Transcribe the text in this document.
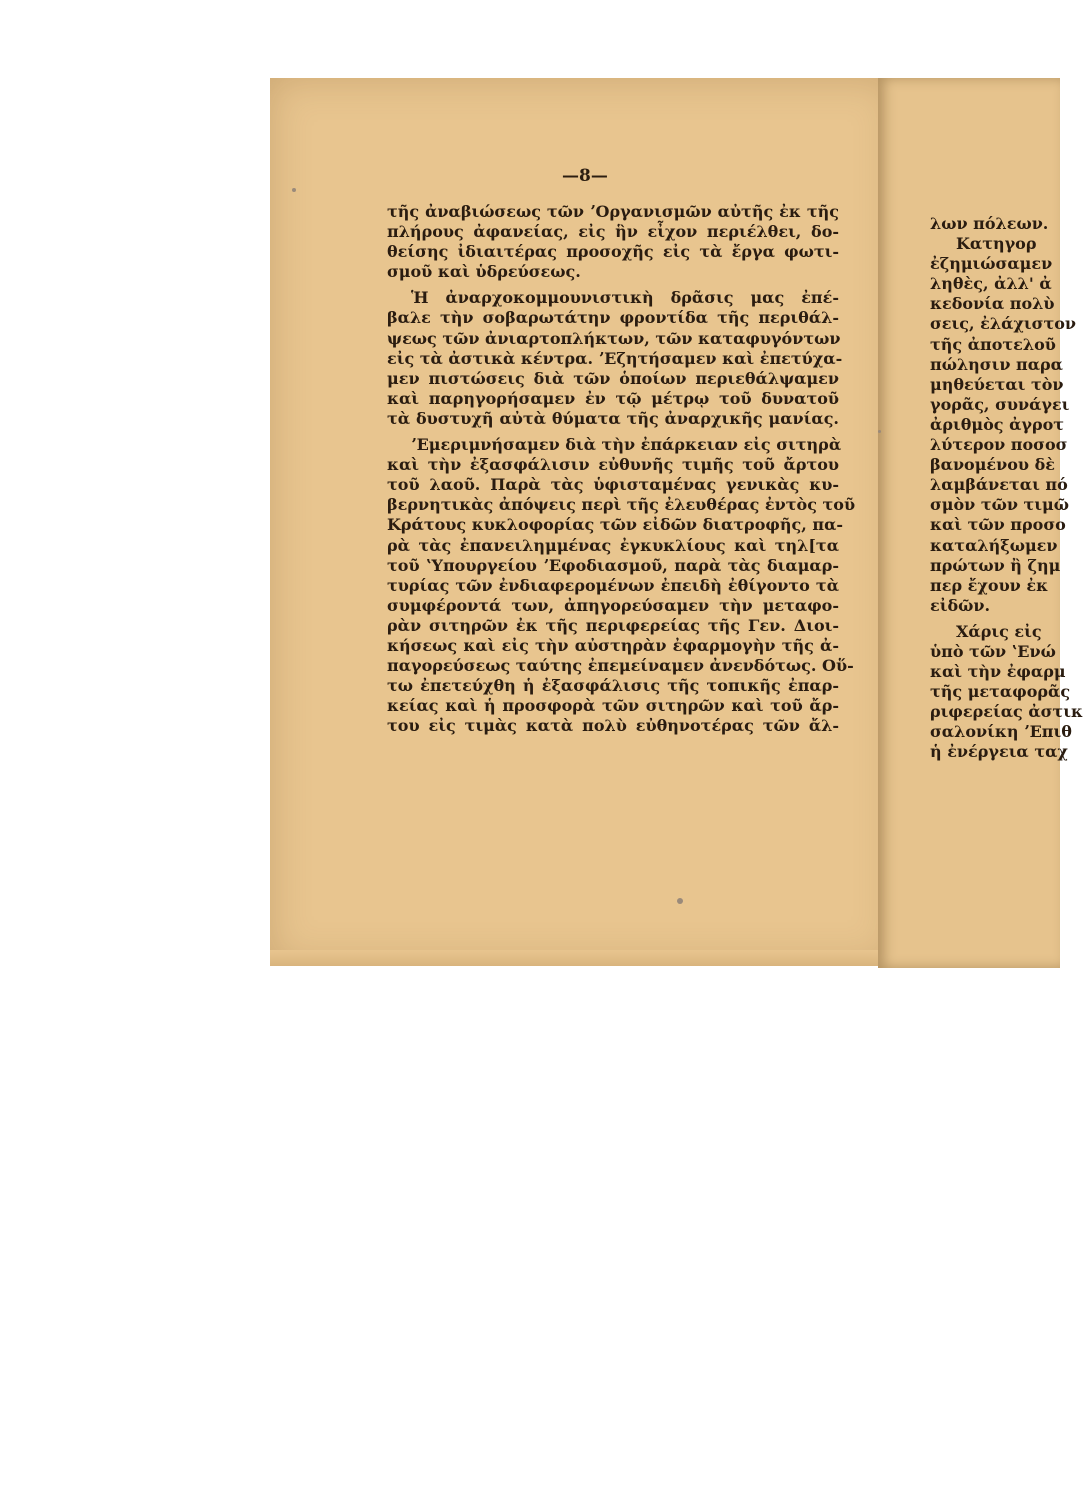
—8—
τῆς ἀναβιώσεως τῶν ʼΟργανισμῶν αὐτῆς ἐκ τῆς
πλήρους ἀφανείας, εἰς ἣν εἶχον περιέλθει, δο-
θείσης ἰδιαιτέρας προσοχῆς εἰς τὰ ἔργα φωτι-
σμοῦ καὶ ὑδρεύσεως.
Ἡ ἀναρχοκομμουνιστικὴ δρᾶσις μας ἐπέ-
βαλε τὴν σοβαρωτάτην φροντίδα τῆς περιθάλ-
ψεως τῶν ἀνιαρτοπλήκτων, τῶν καταφυγόντων
εἰς τὰ ἀστικὰ κέντρα. ʼΕζητήσαμεν καὶ ἐπετύχα-
μεν πιστώσεις διὰ τῶν ὁποίων περιεθάλψαμεν
καὶ παρηγορήσαμεν ἐν τῷ μέτρῳ τοῦ δυνατοῦ
τὰ δυστυχῆ αὐτὰ θύματα τῆς ἀναρχικῆς μανίας.
ʼΕμεριμνήσαμεν διὰ τὴν ἐπάρκειαν εἰς σιτηρὰ
καὶ τὴν ἐξασφάλισιν εὐθυνῆς τιμῆς τοῦ ἄρτου
τοῦ λαοῦ. Παρὰ τὰς ὑφισταμένας γενικὰς κυ-
βερνητικὰς ἀπόψεις περὶ τῆς ἐλευθέρας ἐντὸς τοῦ
Κράτους κυκλοφορίας τῶν εἰδῶν διατροφῆς, πα-
ρὰ τὰς ἐπανειλημμένας ἐγκυκλίους καὶ τηλ[τα
τοῦ ʽΥπουργείου ʼΕφοδιασμοῦ, παρὰ τὰς διαμαρ-
τυρίας τῶν ἐνδιαφερομένων ἐπειδὴ ἐθίγοντο τὰ
συμφέροντά των, ἀπηγορεύσαμεν τὴν μεταφο-
ρὰν σιτηρῶν ἐκ τῆς περιφερείας τῆς Γεν. Διοι-
κήσεως καὶ εἰς τὴν αὐστηρὰν ἐφαρμογὴν τῆς ἀ-
παγορεύσεως ταύτης ἐπεμείναμεν ἀνενδότως. Οὕ-
τω ἐπετεύχθη ἡ ἐξασφάλισις τῆς τοπικῆς ἐπαρ-
κείας καὶ ἡ προσφορὰ τῶν σιτηρῶν καὶ τοῦ ἄρ-
του εἰς τιμὰς κατὰ πολὺ εὐθηνοτέρας τῶν ἄλ-
λων πόλεων.
Κατηγορ
ἐζημιώσαμεν
ληθὲς, ἀλλ' ἀ
κεδονία πολὺ
σεις, ἐλάχιστον
τῆς ἀποτελοῦ
πώλησιν παρα
μηθεύεται τὸν
γορᾶς, συνάγει
ἀριθμὸς ἀγροτ
λύτερον ποσοσ
βανομένου δὲ
λαμβάνεται πό
σμὸν τῶν τιμῶ
καὶ τῶν προσο
καταλήξωμεν
πρώτων ἢ ζημ
περ ἔχουν ἐκ
εἰδῶν.
Χάρις εἰς
ὑπὸ τῶν ʽΕνώ
καὶ τὴν ἐφαρμ
τῆς μεταφορᾶς
ριφερείας ἀστικ
σαλονίκη ʼΕπιθ
ἡ ἐνέργεια ταχ
